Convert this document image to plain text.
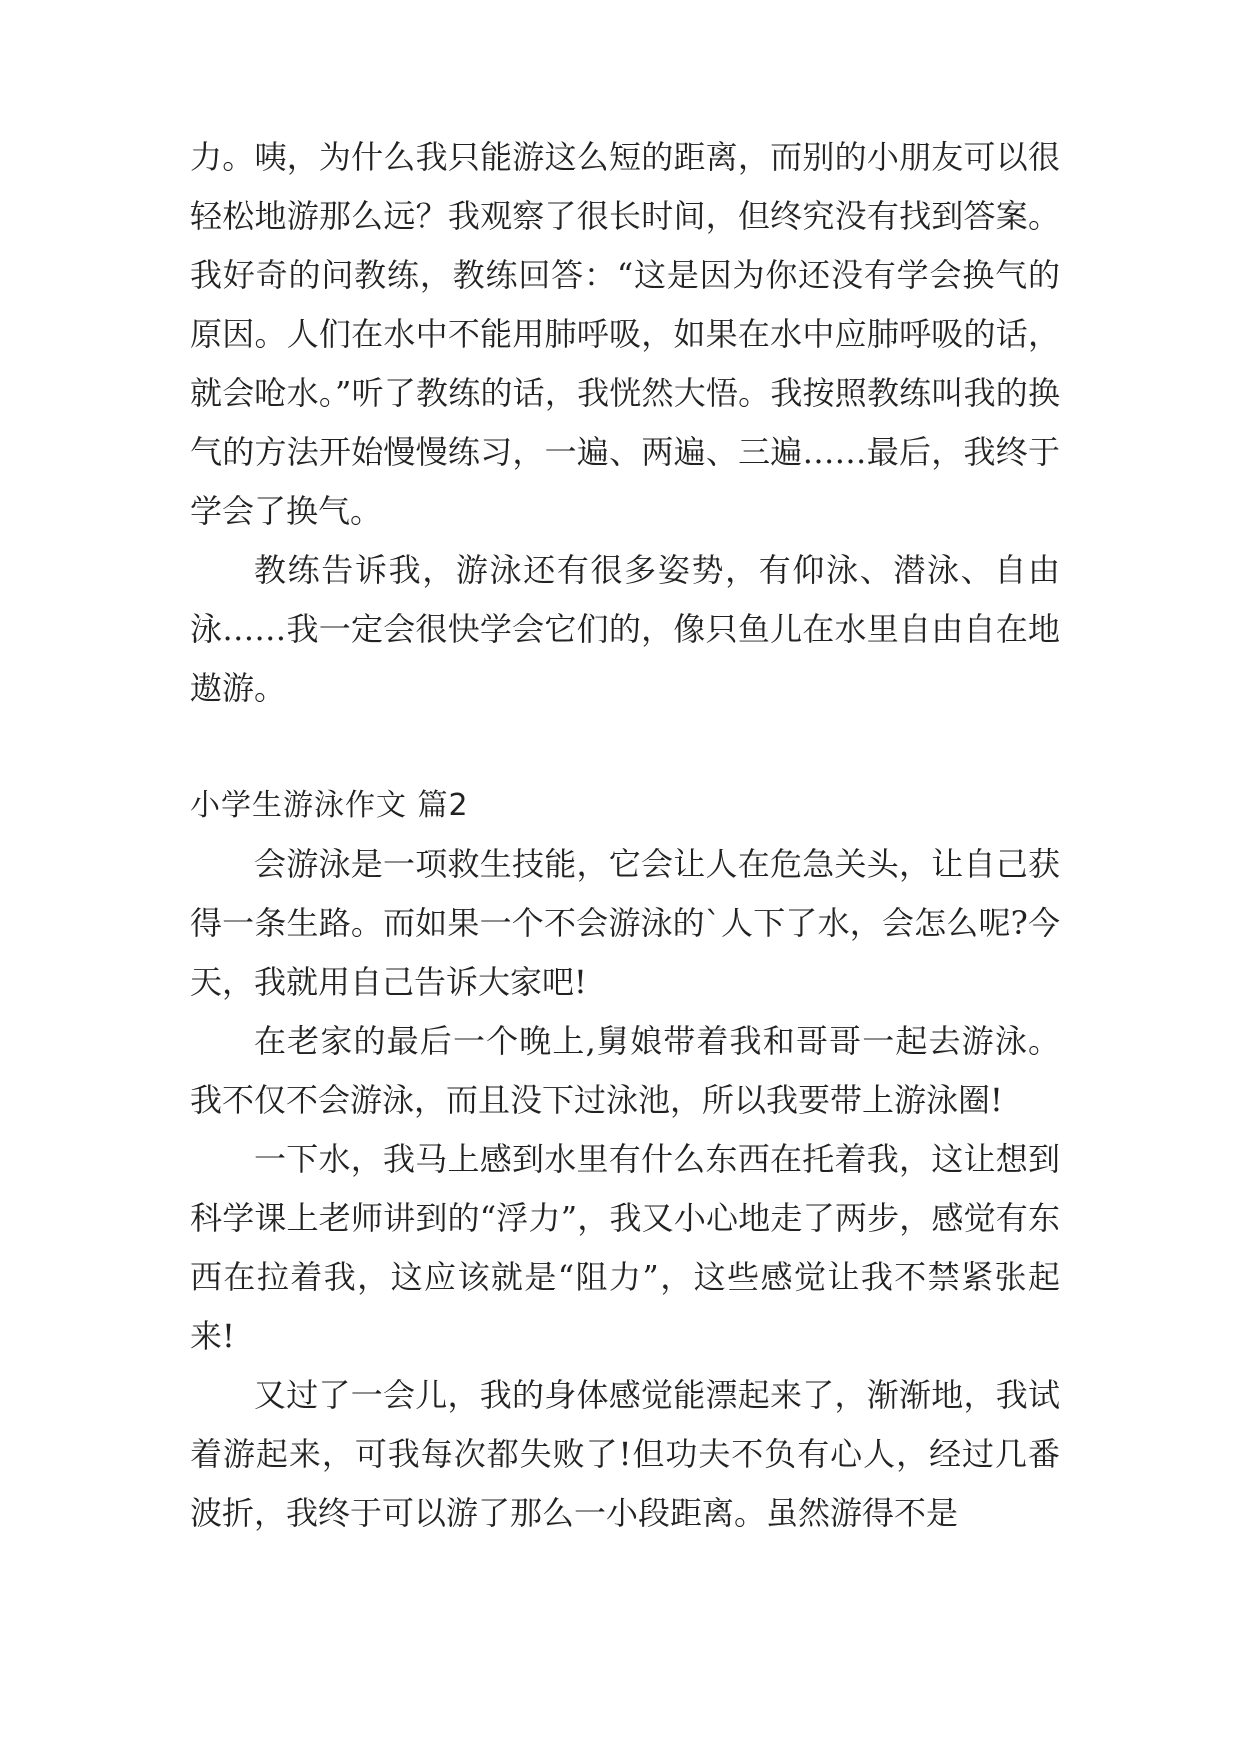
力。咦，为什么我只能游这么短的距离，而别的小朋友可以很轻松地游那么远？我观察了很长时间，但终究没有找到答案。我好奇的问教练，教练回答：“这是因为你还没有学会换气的原因。人们在水中不能用肺呼吸，如果在水中应肺呼吸的话，就会呛水。”听了教练的话，我恍然大悟。我按照教练叫我的换气的方法开始慢慢练习，一遍、两遍、三遍……最后，我终于学会了换气。

教练告诉我，游泳还有很多姿势，有仰泳、潜泳、自由泳……我一定会很快学会它们的，像只鱼儿在水里自由自在地遨游。

小学生游泳作文 篇2

会游泳是一项救生技能，它会让人在危急关头，让自己获得一条生路。而如果一个不会游泳的`人下了水，会怎么呢?今天，我就用自己告诉大家吧!

在老家的最后一个晚上,舅娘带着我和哥哥一起去游泳。我不仅不会游泳，而且没下过泳池，所以我要带上游泳圈!

一下水，我马上感到水里有什么东西在托着我，这让想到科学课上老师讲到的“浮力”，我又小心地走了两步，感觉有东西在拉着我，这应该就是“阻力”，这些感觉让我不禁紧张起来!

又过了一会儿，我的身体感觉能漂起来了，渐渐地，我试着游起来，可我每次都失败了!但功夫不负有心人，经过几番波折，我终于可以游了那么一小段距离。虽然游得不是
